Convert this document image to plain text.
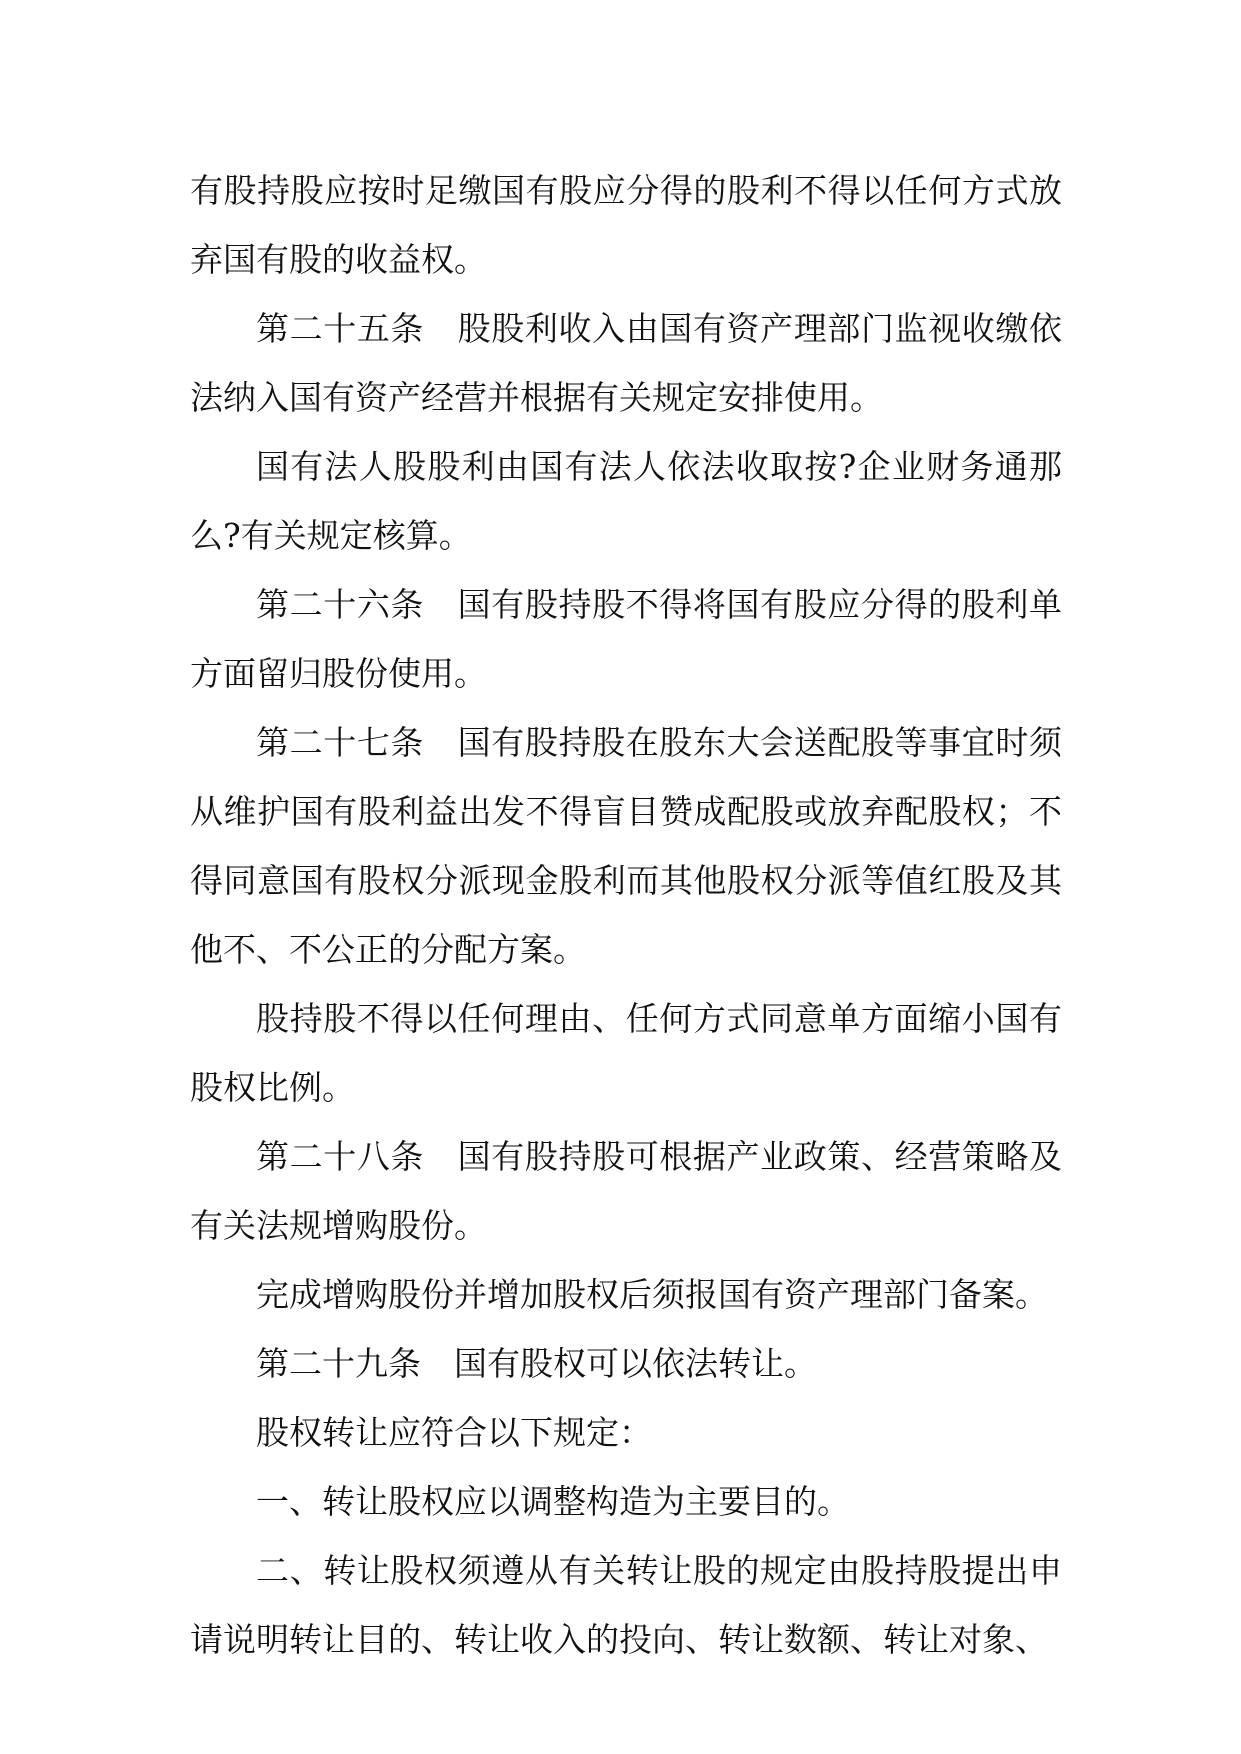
有股持股应按时足缴国有股应分得的股利不得以任何方式放弃国有股的收益权。

第二十五条　股股利收入由国有资产理部门监视收缴依法纳入国有资产经营并根据有关规定安排使用。

国有法人股股利由国有法人依法收取按?企业财务通那么?有关规定核算。

第二十六条　国有股持股不得将国有股应分得的股利单方面留归股份使用。

第二十七条　国有股持股在股东大会送配股等事宜时须从维护国有股利益出发不得盲目赞成配股或放弃配股权；不得同意国有股权分派现金股利而其他股权分派等值红股及其他不、不公正的分配方案。

股持股不得以任何理由、任何方式同意单方面缩小国有股权比例。

第二十八条　国有股持股可根据产业政策、经营策略及有关法规增购股份。

完成增购股份并增加股权后须报国有资产理部门备案。

第二十九条　国有股权可以依法转让。

股权转让应符合以下规定：

一、转让股权应以调整构造为主要目的。

二、转让股权须遵从有关转让股的规定由股持股提出申请说明转让目的、转让收入的投向、转让数额、转让对象、
